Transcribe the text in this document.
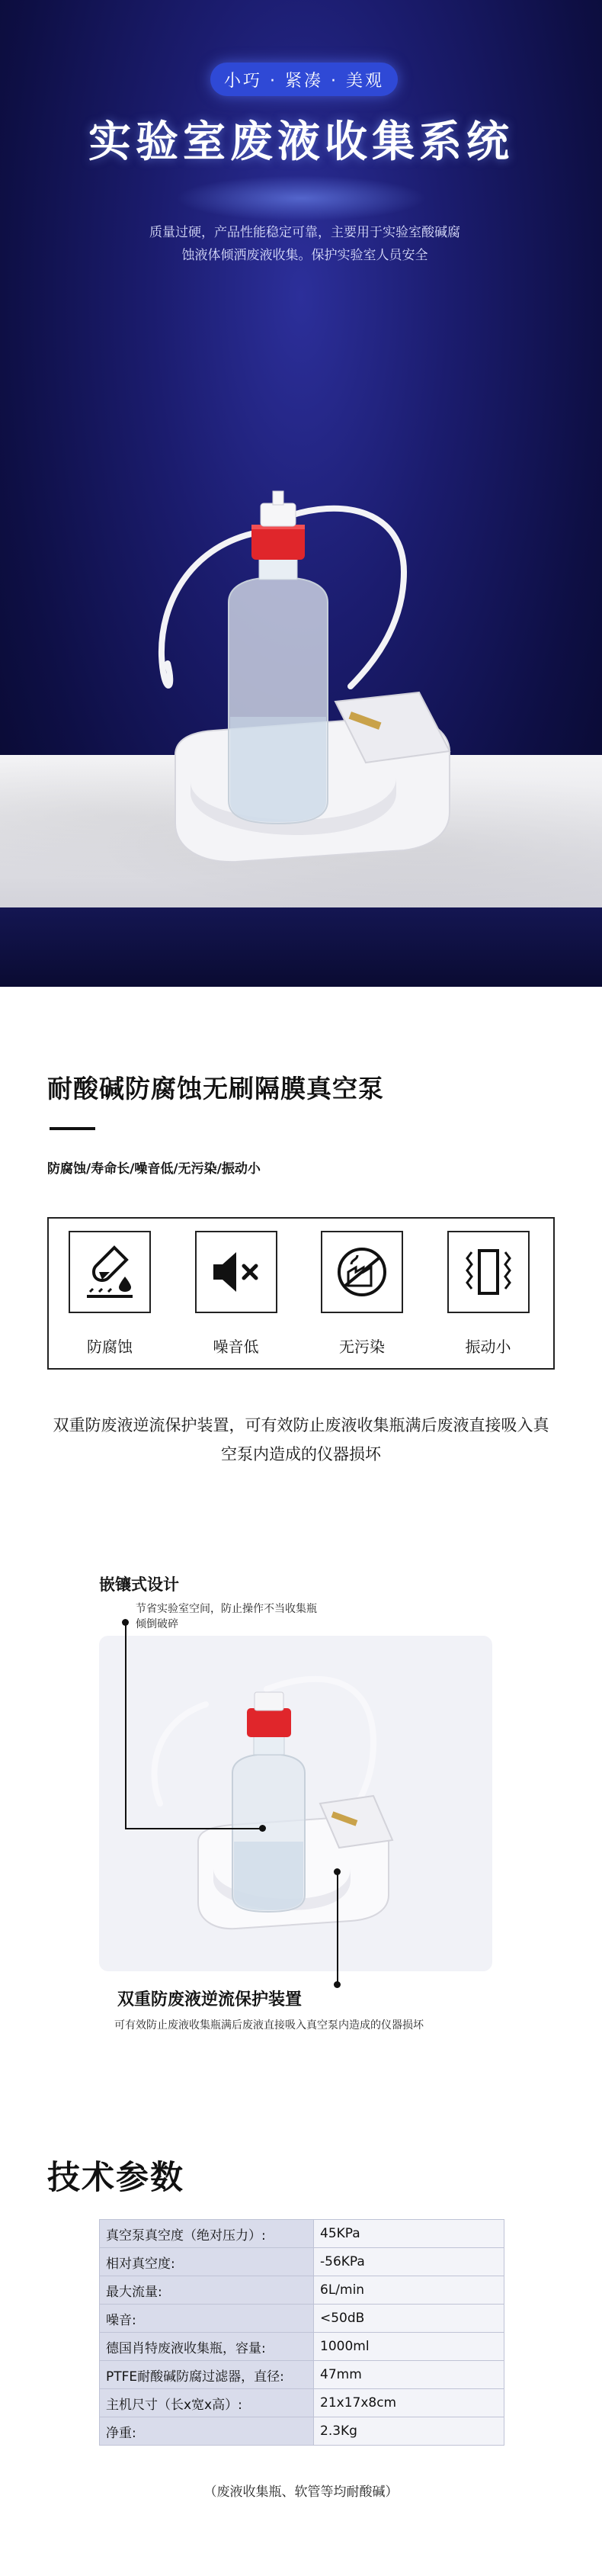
小巧 · 紧凑 · 美观
实验室废液收集系统
质量过硬，产品性能稳定可靠，主要用于实验室酸碱腐蚀液体倾洒废液收集。保护实验室人员安全
耐酸碱防腐蚀无刷隔膜真空泵
防腐蚀/寿命长/噪音低/无污染/振动小
防腐蚀	噪音低	无污染	振动小
双重防废液逆流保护装置，可有效防止废液收集瓶满后废液直接吸入真空泵内造成的仪器损坏
嵌镶式设计
节省实验室空间，防止操作不当收集瓶倾倒破碎
双重防废液逆流保护装置
可有效防止废液收集瓶满后废液直接吸入真空泵内造成的仪器损坏
技术参数
真空泵真空度（绝对压力）:	45KPa
相对真空度:	-56KPa
最大流量:	6L/min
噪音:	<50dB
德国肖特废液收集瓶，容量:	1000ml
PTFE耐酸碱防腐过滤器，直径:	47mm
主机尺寸（长x宽x高）:	21x17x8cm
净重:	2.3Kg
（废液收集瓶、软管等均耐酸碱）
